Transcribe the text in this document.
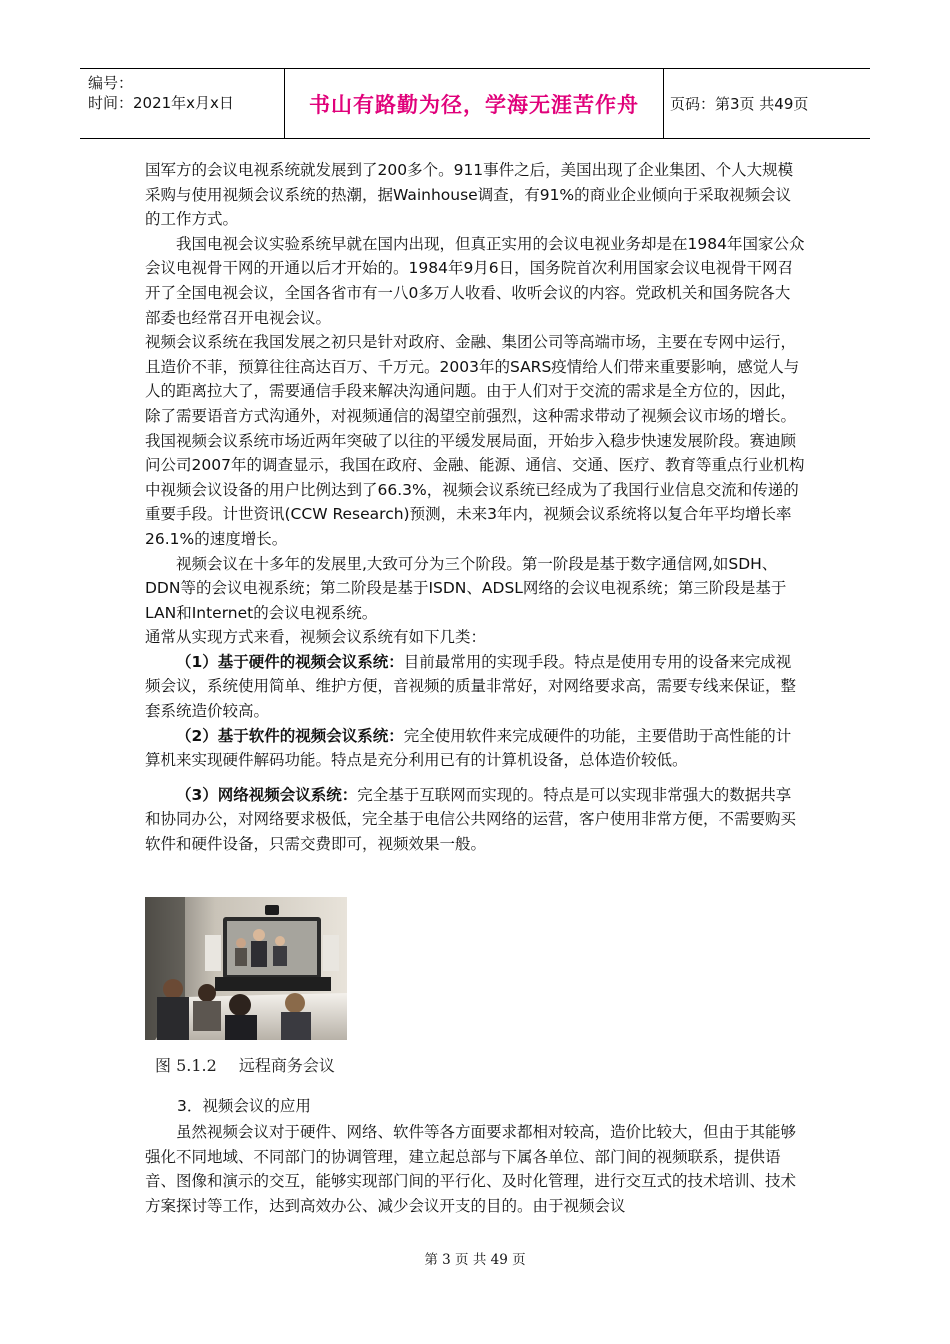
编号：
时间：2021年x月x日	书山有路勤为径，学海无涯苦作舟	页码：第3页 共49页

国军方的会议电视系统就发展到了200多个。911事件之后，美国出现了企业集团、个人大规模采购与使用视频会议系统的热潮，据Wainhouse调查，有91%的商业企业倾向于采取视频会议的工作方式。

我国电视会议实验系统早就在国内出现，但真正实用的会议电视业务却是在1984年国家公众会议电视骨干网的开通以后才开始的。1984年9月6日，国务院首次利用国家会议电视骨干网召开了全国电视会议，全国各省市有一八0多万人收看、收听会议的内容。党政机关和国务院各大部委也经常召开电视会议。

视频会议系统在我国发展之初只是针对政府、金融、集团公司等高端市场，主要在专网中运行，且造价不菲，预算往往高达百万、千万元。2003年的SARS疫情给人们带来重要影响，感觉人与人的距离拉大了，需要通信手段来解决沟通问题。由于人们对于交流的需求是全方位的，因此，除了需要语音方式沟通外，对视频通信的渴望空前强烈，这种需求带动了视频会议市场的增长。我国视频会议系统市场近两年突破了以往的平缓发展局面，开始步入稳步快速发展阶段。赛迪顾问公司2007年的调查显示，我国在政府、金融、能源、通信、交通、医疗、教育等重点行业机构中视频会议设备的用户比例达到了66.3%，视频会议系统已经成为了我国行业信息交流和传递的重要手段。计世资讯(CCW Research)预测，未来3年内，视频会议系统将以复合年平均增长率26.1%的速度增长。

视频会议在十多年的发展里,大致可分为三个阶段。第一阶段是基于数字通信网,如SDH、DDN等的会议电视系统；第二阶段是基于ISDN、ADSL网络的会议电视系统；第三阶段是基于LAN和Internet的会议电视系统。

通常从实现方式来看，视频会议系统有如下几类：

（1）基于硬件的视频会议系统：目前最常用的实现手段。特点是使用专用的设备来完成视频会议，系统使用简单、维护方便，音视频的质量非常好，对网络要求高，需要专线来保证，整套系统造价较高。

（2）基于软件的视频会议系统：完全使用软件来完成硬件的功能，主要借助于高性能的计算机来实现硬件解码功能。特点是充分利用已有的计算机设备，总体造价较低。

（3）网络视频会议系统：完全基于互联网而实现的。特点是可以实现非常强大的数据共享和协同办公，对网络要求极低，完全基于电信公共网络的运营，客户使用非常方便，不需要购买软件和硬件设备，只需交费即可，视频效果一般。

图 5.1.2 远程商务会议
3．视频会议的应用

虽然视频会议对于硬件、网络、软件等各方面要求都相对较高，造价比较大，但由于其能够强化不同地域、不同部门的协调管理，建立起总部与下属各单位、部门间的视频联系，提供语音、图像和演示的交互，能够实现部门间的平行化、及时化管理，进行交互式的技术培训、技术方案探讨等工作，达到高效办公、减少会议开支的目的。由于视频会议

第 3 页 共 49 页
